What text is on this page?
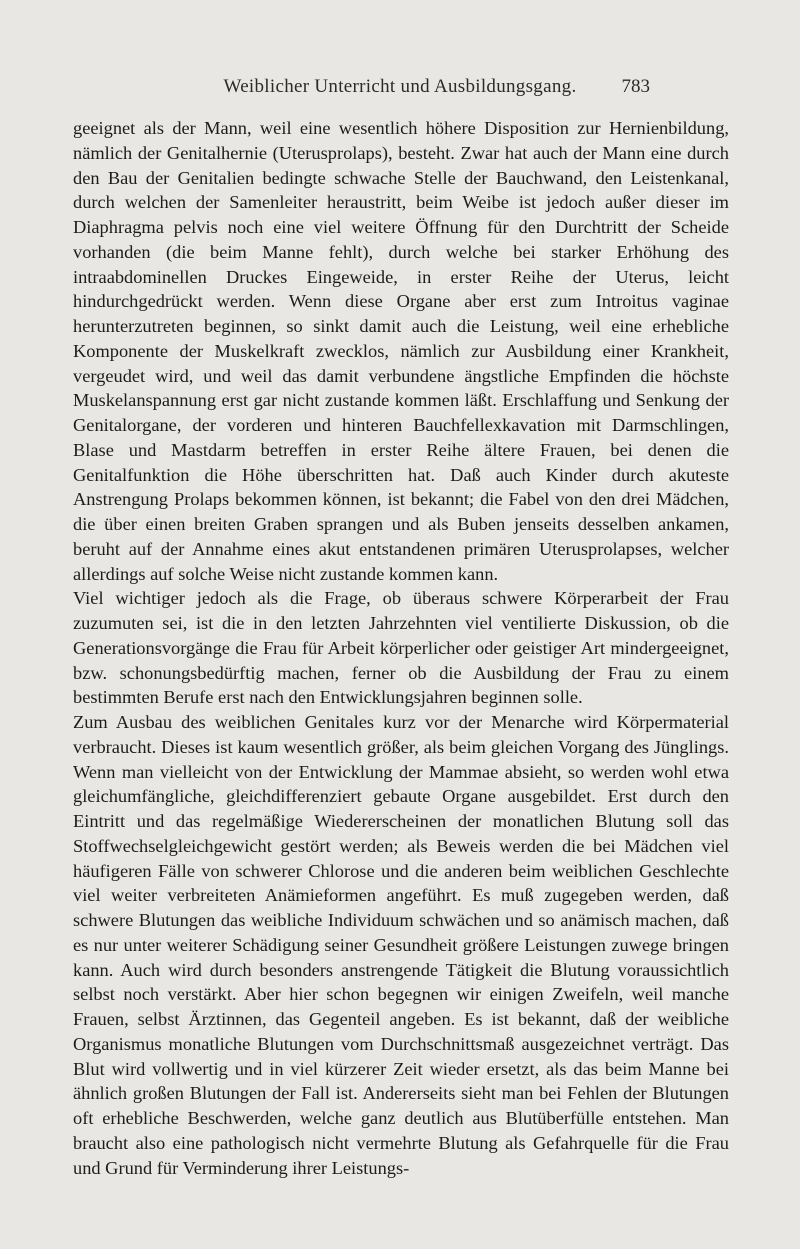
Weiblicher Unterricht und Ausbildungsgang.	783

geeignet als der Mann, weil eine wesentlich höhere Disposition zur Hernienbildung, nämlich der Genitalhernie (Uterusprolaps), besteht. Zwar hat auch der Mann eine durch den Bau der Genitalien bedingte schwache Stelle der Bauchwand, den Leistenkanal, durch welchen der Samenleiter heraustritt, beim Weibe ist jedoch außer dieser im Diaphragma pelvis noch eine viel weitere Öffnung für den Durchtritt der Scheide vorhanden (die beim Manne fehlt), durch welche bei starker Erhöhung des intraabdominellen Druckes Eingeweide, in erster Reihe der Uterus, leicht hindurchgedrückt werden. Wenn diese Organe aber erst zum Introitus vaginae herunterzutreten beginnen, so sinkt damit auch die Leistung, weil eine erhebliche Komponente der Muskelkraft zwecklos, nämlich zur Ausbildung einer Krankheit, vergeudet wird, und weil das damit verbundene ängstliche Empfinden die höchste Muskelanspannung erst gar nicht zustande kommen läßt. Erschlaffung und Senkung der Genitalorgane, der vorderen und hinteren Bauchfellexkavation mit Darmschlingen, Blase und Mastdarm betreffen in erster Reihe ältere Frauen, bei denen die Genitalfunktion die Höhe überschritten hat. Daß auch Kinder durch akuteste Anstrengung Prolaps bekommen können, ist bekannt; die Fabel von den drei Mädchen, die über einen breiten Graben sprangen und als Buben jenseits desselben ankamen, beruht auf der Annahme eines akut entstandenen primären Uterusprolapses, welcher allerdings auf solche Weise nicht zustande kommen kann.

Viel wichtiger jedoch als die Frage, ob überaus schwere Körperarbeit der Frau zuzumuten sei, ist die in den letzten Jahrzehnten viel ventilierte Diskussion, ob die Generationsvorgänge die Frau für Arbeit körperlicher oder geistiger Art mindergeeignet, bzw. schonungsbedürftig machen, ferner ob die Ausbildung der Frau zu einem bestimmten Berufe erst nach den Entwicklungsjahren beginnen solle.

Zum Ausbau des weiblichen Genitales kurz vor der Menarche wird Körpermaterial verbraucht. Dieses ist kaum wesentlich größer, als beim gleichen Vorgang des Jünglings. Wenn man vielleicht von der Entwicklung der Mammae absieht, so werden wohl etwa gleichumfängliche, gleichdifferenziert gebaute Organe ausgebildet. Erst durch den Eintritt und das regelmäßige Wiedererscheinen der monatlichen Blutung soll das Stoffwechselgleichgewicht gestört werden; als Beweis werden die bei Mädchen viel häufigeren Fälle von schwerer Chlorose und die anderen beim weiblichen Geschlechte viel weiter verbreiteten Anämieformen angeführt. Es muß zugegeben werden, daß schwere Blutungen das weibliche Individuum schwächen und so anämisch machen, daß es nur unter weiterer Schädigung seiner Gesundheit größere Leistungen zuwege bringen kann. Auch wird durch besonders anstrengende Tätigkeit die Blutung voraussichtlich selbst noch verstärkt. Aber hier schon begegnen wir einigen Zweifeln, weil manche Frauen, selbst Ärztinnen, das Gegenteil angeben. Es ist bekannt, daß der weibliche Organismus monatliche Blutungen vom Durchschnittsmaß ausgezeichnet verträgt. Das Blut wird vollwertig und in viel kürzerer Zeit wieder ersetzt, als das beim Manne bei ähnlich großen Blutungen der Fall ist. Andererseits sieht man bei Fehlen der Blutungen oft erhebliche Beschwerden, welche ganz deutlich aus Blutüberfülle entstehen. Man braucht also eine pathologisch nicht vermehrte Blutung als Gefahrquelle für die Frau und Grund für Verminderung ihrer Leistungs-
